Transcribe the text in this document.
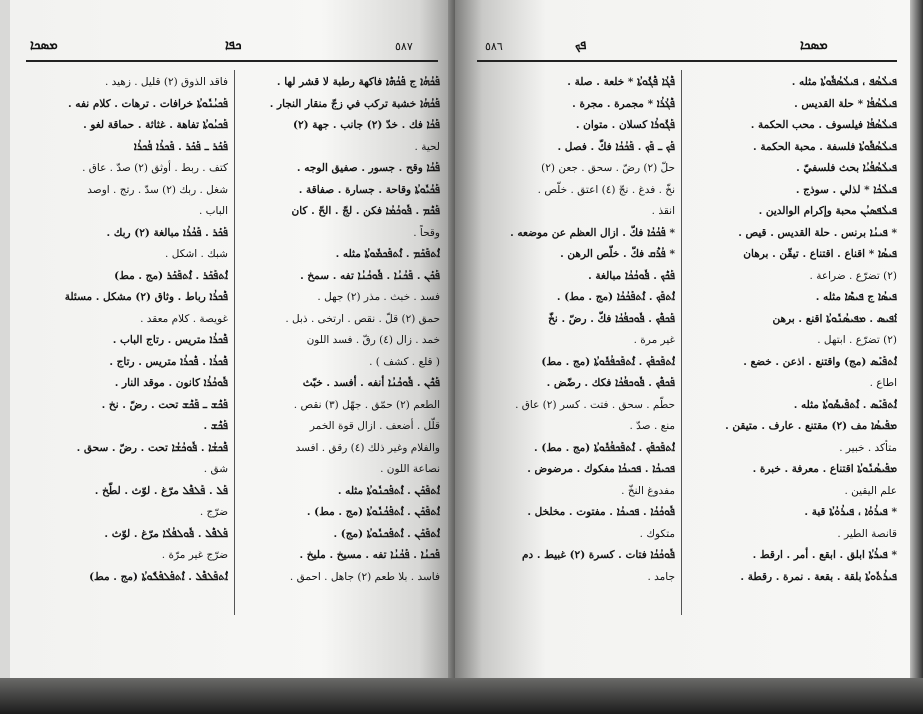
ܡܣܟܐ	ܟܦܐ	٥٨٧
فاقد الذوق (٢) قليل . زهيد .
ܦܰܟܝܳܢܽܘܬܳܐ خرافات . ترهات . كلام نفه .
ܦܰܟܝܳܘܬܳܐ تفاهة . غثاثة . حماقة لغو .
ܦܰܟܰܪ ـ ܦܰܟܰܪ . ܦܰܟܪܳܐ ܦܳܟܪܳܐ
كتف . ربط . أوثق (٢) صدّ . عاق .
شغل . ربك (٢) سدّ . رتج . اوصد
الباب .
ܦܰܟܰܪ . ܦܰܟܳܪܳܐ مبالغة (٢) ربك .
شبك . اشكل .
ܐܶܬܦܰܟܰܪ . ܐܶܬܦܰܟܰܪ (مج . مط)
ܦܶܟܪܳܐ رباط . وثاق (٢) مشكل . مسئلة
غويصة . كلام معقد .
ܦܶܟܪܳܐ متريس . رتاج الباب .
ܦܶܟܪܳܐ . ܦܶܟܪܳܐ متريس . رتاج .
ܦܽܘܟܳܪܳܐ كانون . موقد النار .
ܦܰܟܶܫ ـ ܦܰܟܶܫ تحت . رضّ . نخ .
ܦܰܟܶܫ .
ܦܶܟܫܳܐ . ܦܽܘܟܳܫܳܐ تحت . رضّ . سحق .
شق .
ܦܰܠ . ܦܰܠܦܶܠ مرّغ . لوّث . لطّخ .
ضرّج .
ܦܰܠܦܶܠ . ܦܽܘܠܦܳܠܳܐ مرّغ . لوّث .
ضرّج غير مرّة .
ܐܶܬܦܰܠܦܶܠ . ܐܶܬܦܰܠܦܰܠܽܘܬܳܐ (مج . مط)
ܦܰܟܳܗܳܐ ج ܦܰܟܳܗܶܐ فاكهة رطبة لا قشر لها .
ܦܰܟܳܗܳܐ خشبة تركب في زجّ منقار النجار .
ܦܰܟܳܐ فك . خدّ (٢) جانب . جهة (٢)
لحية .
ܦܰܟܳܐ وقح . جسور . صفيق الوجه .
ܦܰܟܳܝܽܘܬܳܐ وقاحة . جسارة . صفاقة .
ܦܰܟܶܡ . ܦܽܘܟܳܡܳܐ فكن . لجّ . الحّ . كان
وقحاً .
ܐܶܬܦܰܟܰܡ . ܐܶܬܦܰܟܡܽܘܬܳܐ مثله .
ܦܰܟܰܢ . ܦܰܟܳܢܳܐ . ܦܽܘܟܳܢܳܐ تفه . سمخ .
فسد . خبث . مذر (٢) جهل .
حمق (٢) قلّ . نقص . ارتخى . ذبل .
خمد . زال (٤) رقّ . فسد اللون
( قلع . كشف ) .
ܦܰܟܶܢ . ܦܽܘܟܳܢܳܐ أنفه . أفسد . خبّث
الطعم (٢) حمّق . جهّل (٣) نقص .
قلّل . أضعف . ازال قوة الخمر
والفلام وغير ذلك (٤) رقق . افسد
نصاعة اللون .
ܐܶܬܦܰܟܰܢ . ܐܶܬܦܰܟܢܽܘܬܳܐ مثله .
ܐܶܬܦܰܟܰܢ . ܐܶܬܦܰܟܳܢܽܘܬܳܐ (مج . مط) .
ܐܶܬܦܰܟܰܢ . ܐܶܬܦܰܟܢܽܘܬܳܐ (مج) .
ܦܰܟܢܳܐ . ܦܰܟܳܢܳܐ تفه . مسيخ . مليخ .
فاسد . بلا طعم (٢) جاهل . احمق .
٥٨٦	ܦܟ	ܡܣܟܐ
ܦܶܓܳܐ ܦܶܓܽܘܬܳܐ * خلعة . صلة .
ܦܶܓܳܪܳܐ * مجمرة . مجرة .
ܦܰܓܽܘܪܳܐ كسلان . متوان .
ܦܰܟ ـ ܦܰܟ . ܦܰܟܳܟܳܐ فكّ . فصل .
حلّ (٢) رضّ . سحق . جعن (٢)
نخّ . فدغ . نجّ (٤) اعتق . خلّص .
انقذ .
* ܦܰܟܳܟܳܐ فكّ . ازال العظم عن موضعه .
* ܦܳܪܶܩ فكّ . خلّص الرهن .
ܦܰܟܶܟ . ܦܽܘܟܳܟܳܐ مبالغة .
ܐܶܬܦܰܟ . ܐܶܬܦܰܟܳܟܳܐ (مج . مط) .
ܦܰܟܦܶܟ . ܦܽܘܟܦܳܟܳܐ فكّ . رضّ . نخّ
غير مرة .
ܐܶܬܦܰܟܦܰܟ . ܐܶܬܦܰܟܦܳܟܽܘܬܳܐ (مج . مط)
ܦܰܟܦܶܟ . ܦܽܘܟܦܳܟܳܐ فكك . رضّض .
حطّم . سحق . فتت . كسر (٢) عاق .
منع . صدّ .
ܐܶܬܦܰܟܦܰܟ . ܐܶܬܦܰܟܦܳܟܽܘܬܳܐ (مج . مط) .
ܦܟܝܟܳܐ . ܦܟܝܟܳܐ مفكوك . مرضوض .
مفدوغ النخّ .
ܦܽܘܟܳܟܳܐ . ܦܟܝܟܳܐ . مفتوت . مخلخل .
متكوك .
ܦܽܘܟܳܟܳܐ فتات . كسرة (٢) غبيط . دم
جامد .
ܦܝܠܳܣܳܦ ، ܦܝܠܳܣܳܦܽܘܬܳܐ مثله .
ܦܝܠܳܣܳܦܳܐ * حلة القديس .
ܦܝܠܳܣܳܦܳܐ فيلسوف . محب الحكمة .
ܦܝܠܳܣܳܦܽܘܬܳܐ فلسفة . محبة الحكمة .
ܦܝܠܳܣܳܦܳܝܳܐ بحث فلسفيّ .
ܦܝܠܳܟܳܐ * لذلي . سوذج .
ܦܝܠܳܦܣܝܳܢ محبة وإكرام الوالدين .
* ܦܝܢܳܐ برنس . حلة القديس . قيص .
ܦܝܣܳܐ * اقناع . اقتناع . تيقّن . برهان
(٢) تضرّع . ضراعة .
ܦܝܣܳܐ ج ܦܝܣܶܐ مثله .
ܐܰܦܝܣ . ܡܦܝܣܳܢܽܘܬܳܐ اقنع . برهن
(٢) تضرّع . ابتهل .
ܐܶܬܦܰܝܰܣ (مج) واقتنع . اذعن . خضع .
اطاع .
ܐܶܬܦܰܝܰܣ . ܐܶܬܦܰܝܣܽܘܬܳܐ مثله .
ܡܦܰܝܣܳܐ مف (٢) مقتنع . عارف . متيقن .
متأكد . خبير .
ܡܦܰܝܣܳܢܽܘܬܳܐ اقتناع . معرفة . خبرة .
علم اليقين .
* ܦܝܪܳܘܳܐ ، ܦܝܪܳܘܳܬܳܐ قبة .
قانصة الطير .
* ܦܝܪܳܬܳܐ ابلق . ابقع . أمر . ارقط .
ܦܝܪܳܬܽܘܬܳܐ بلقة . بقعة . نمرة . رقطة .
